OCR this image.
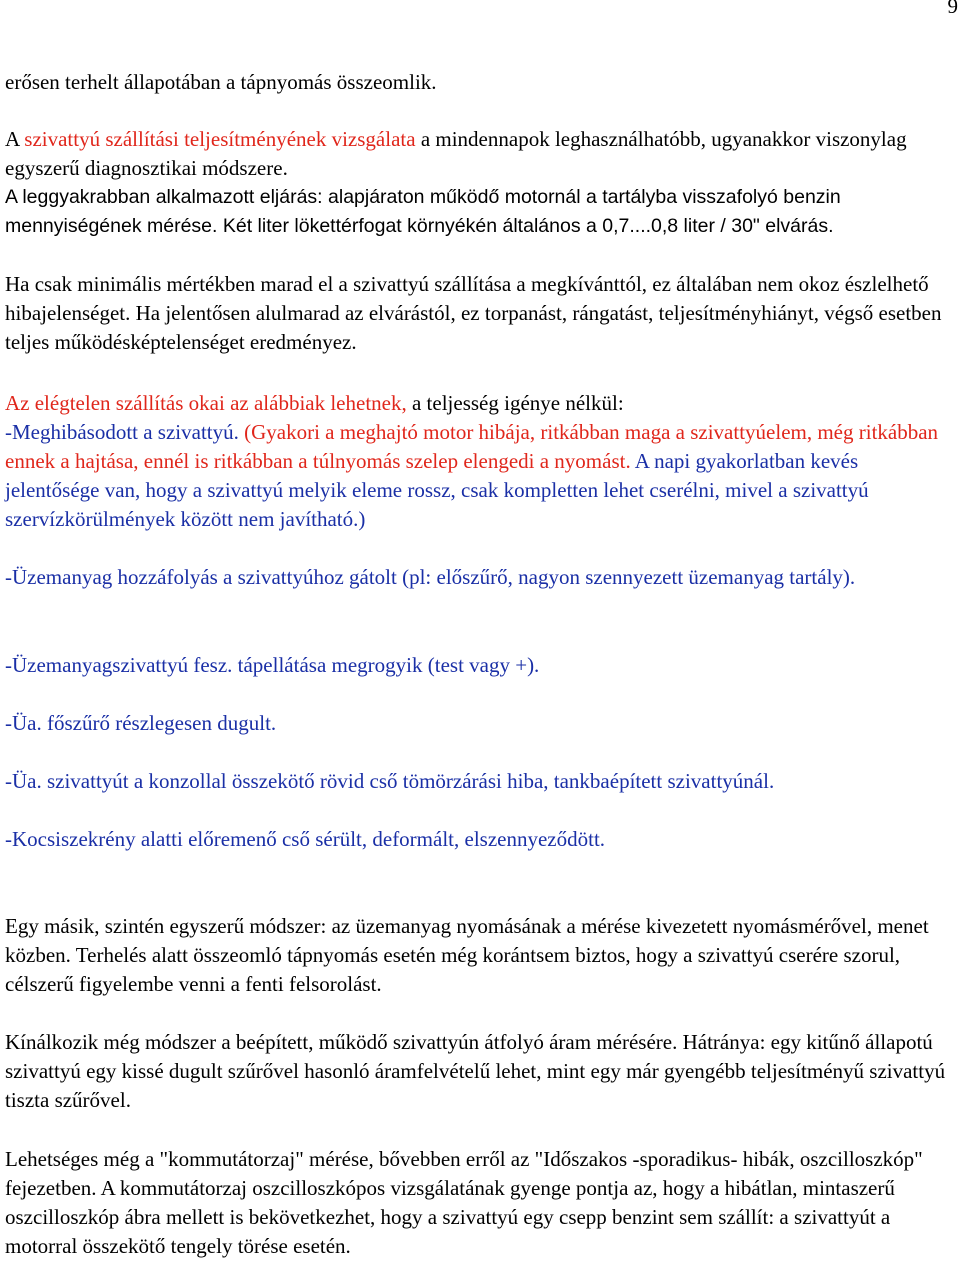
9

erősen terhelt állapotában a tápnyomás összeomlik.

A szivattyú szállítási teljesítményének vizsgálata a mindennapok leghasználhatóbb, ugyanakkor viszonylag egyszerű diagnosztikai módszere.

A leggyakrabban alkalmazott eljárás: alapjáraton működő motornál a tartályba visszafolyó benzin mennyiségének mérése. Két liter lökettérfogat környékén általános a 0,7....0,8 liter / 30" elvárás.

Ha csak minimális mértékben marad el a szivattyú szállítása a megkívánttól, ez általában nem okoz észlelhető hibajelenséget. Ha jelentősen alulmarad az elvárástól, ez torpanást, rángatást, teljesítményhiányt, végső esetben teljes működésképtelenséget eredményez.

Az elégtelen szállítás okai az alábbiak lehetnek, a teljesség igénye nélkül:
-Meghibásodott a szivattyú. (Gyakori a meghajtó motor hibája, ritkábban maga a szivattyúelem, még ritkábban ennek a hajtása, ennél is ritkábban a túlnyomás szelep elengedi a nyomást. A napi gyakorlatban kevés jelentősége van, hogy a szivattyú melyik eleme rossz, csak kompletten lehet cserélni, mivel a szivattyú szervízkörülmények között nem javítható.)

-Üzemanyag hozzáfolyás a szivattyúhoz gátolt (pl: előszűrő, nagyon szennyezett üzemanyag tartály).

-Üzemanyagszivattyú fesz. tápellátása megrogyik (test vagy +).

-Üa. főszűrő részlegesen dugult.

-Üa. szivattyút a konzollal összekötő rövid cső tömörzárási hiba, tankbaépített szivattyúnál.

-Kocsiszekrény alatti előremenő cső sérült, deformált, elszennyeződött.

Egy másik, szintén egyszerű módszer: az üzemanyag nyomásának a mérése kivezetett nyomásmérővel, menet közben. Terhelés alatt összeomló tápnyomás esetén még korántsem biztos, hogy a szivattyú cserére szorul, célszerű figyelembe venni a fenti felsorolást.

Kínálkozik még módszer a beépített, működő szivattyún átfolyó áram mérésére. Hátránya: egy kitűnő állapotú szivattyú egy kissé dugult szűrővel hasonló áramfelvételű lehet, mint egy már gyengébb teljesítményű szivattyú tiszta szűrővel.

Lehetséges még a "kommutátorzaj" mérése, bővebben erről az "Időszakos -sporadikus- hibák, oszcilloszkóp" fejezetben. A kommutátorzaj oszcilloszkópos vizsgálatának gyenge pontja az, hogy a hibátlan, mintaszerű oszcilloszkóp ábra mellett is bekövetkezhet, hogy a szivattyú egy csepp benzint sem szállít: a szivattyút a motorral összekötő tengely törése esetén.
